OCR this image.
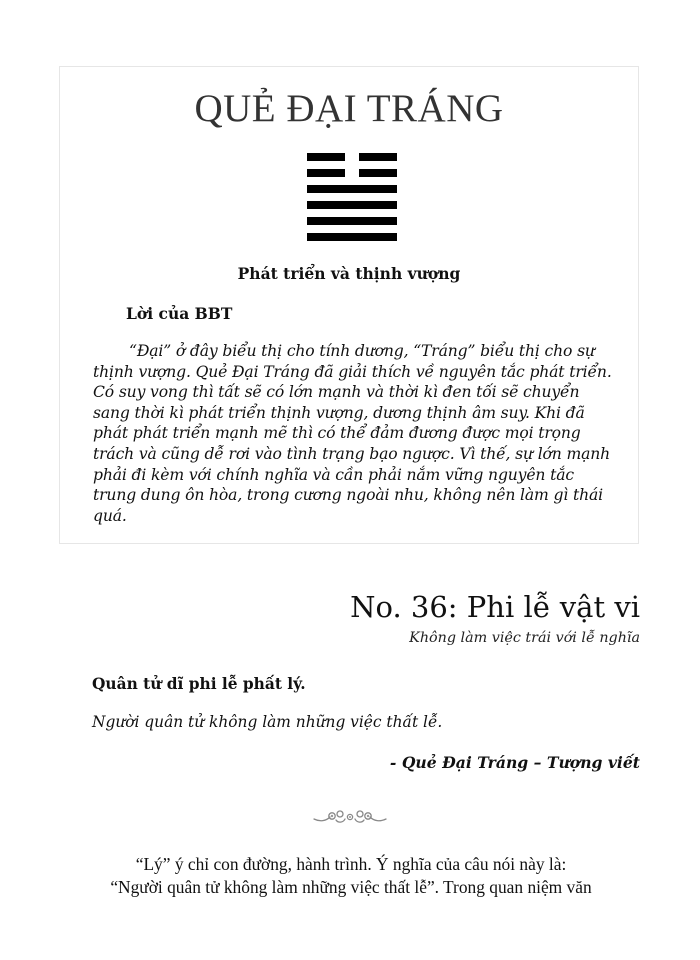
QUẺ ĐẠI TRÁNG
Phát triển và thịnh vượng
Lời của BBT

“Đại” ở đây biểu thị cho tính dương, “Tráng” biểu thị cho sự thịnh vượng. Quẻ Đại Tráng đã giải thích về nguyên tắc phát triển. Có suy vong thì tất sẽ có lớn mạnh và thời kì đen tối sẽ chuyển sang thời kì phát triển thịnh vượng, dương thịnh âm suy. Khi đã phát phát triển mạnh mẽ thì có thể đảm đương được mọi trọng trách và cũng dễ rơi vào tình trạng bạo ngược. Vì thế, sự lớn mạnh phải đi kèm với chính nghĩa và cần phải nắm vững nguyên tắc trung dung ôn hòa, trong cương ngoài nhu, không nên làm gì thái quá.

No. 36: Phi lễ vật vi

Không làm việc trái với lễ nghĩa

Quân tử dĩ phi lễ phất lý.

Người quân tử không làm những việc thất lễ.

- Quẻ Đại Tráng – Tượng viết

“Lý” ý chỉ con đường, hành trình. Ý nghĩa của câu nói này là:
“Người quân tử không làm những việc thất lễ”. Trong quan niệm văn
